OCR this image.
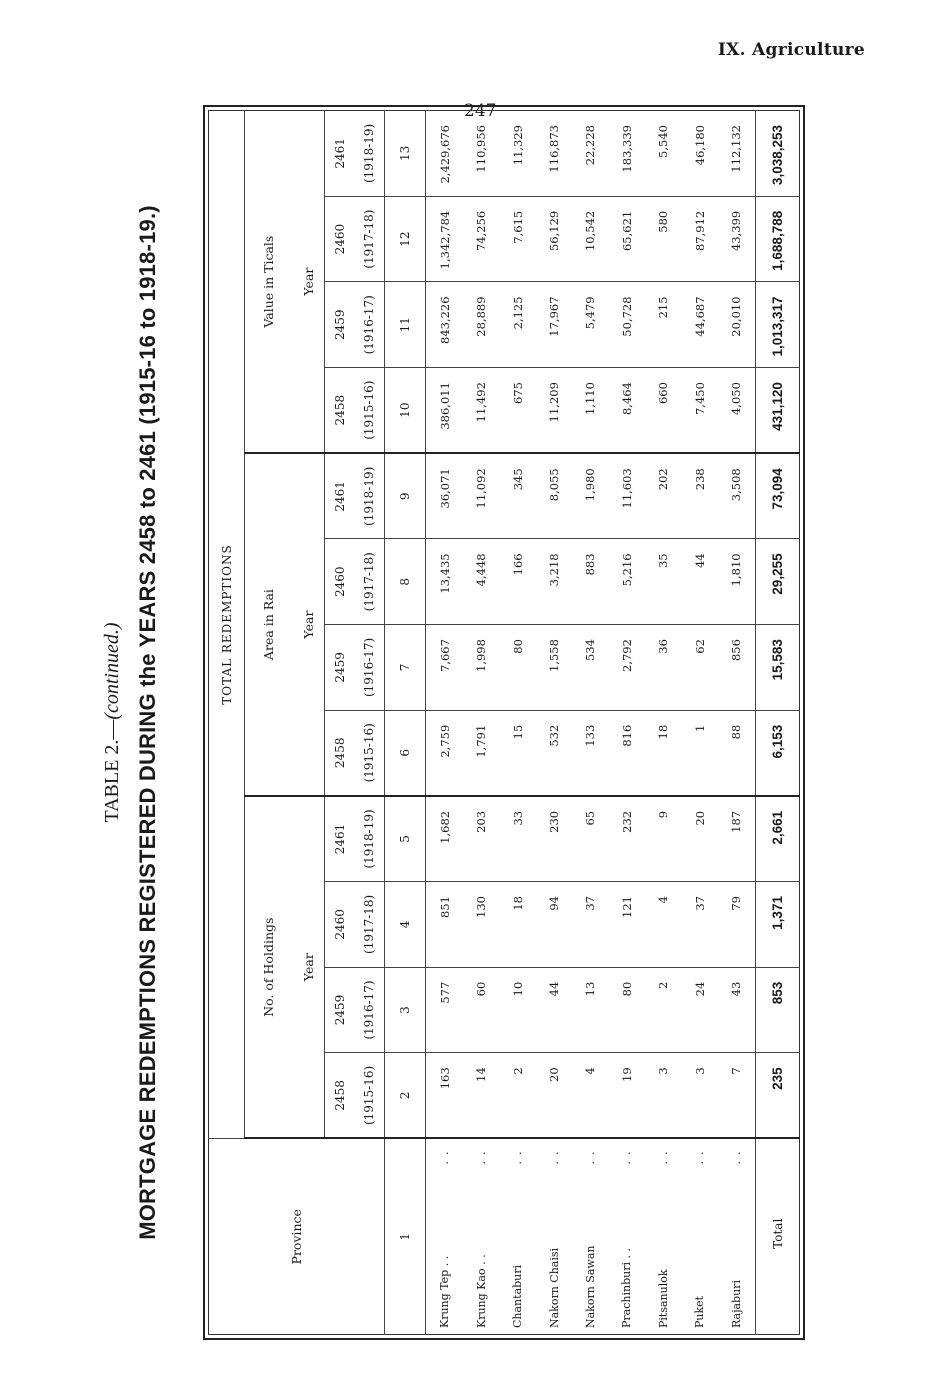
IX. Agriculture
247
TABLE 2.—(continued.) MORTGAGE REDEMPTIONS REGISTERED DURING the YEARS 2458 to 2461 (1915-16 to 1918-19.)	Province	TOTAL REDEMPTIONS											
	No. of Holdings				Area in Rai				Value in Ticals			
	Year				Year				Year			
	2458	2459	2460	2461	2458	2459	2460	2461	2458	2459	2460	2461
	(1915-16)	(1916-17)	(1917-18)	(1918-19)	(1915-16)	(1916-17)	(1917-18)	(1918-19)	(1915-16)	(1916-17)	(1917-18)	(1918-19)
1	2	3	4	5	6	7	8	9	10	11	12	13

..
Krung Tep . .	163	577	851	1,682	2,759	7,667	13,435	36,071	386,011	843,226	1,342,784	2,429,676

..
Krung Kao . .	14	60	130	203	1,791	1,998	4,448	11,092	11,492	28,889	74,256	110,956

..
Chantaburi	2	10	18	33	15	80	166	345	675	2,125	7,615	11,329

..
Nakorn Chaisi	20	44	94	230	532	1,558	3,218	8,055	11,209	17,967	56,129	116,873

..
Nakorn Sawan	4	13	37	65	133	534	883	1,980	1,110	5,479	10,542	22,228

..
Prachinburi . .	19	80	121	232	816	2,792	5,216	11,603	8,464	50,728	65,621	183,339

..
Pitsanulok	3	2	4	9	18	36	35	202	660	215	580	5,540

..
Puket	3	24	37	20	1	62	44	238	7,450	44,687	87,912	46,180

..
Rajaburi	7	43	79	187	88	856	1,810	3,508	4,050	20,010	43,399	112,132
Total	235	853	1,371	2,661	6,153	15,583	29,255	73,094	431,120	1,013,317	1,688,788	3,038,253
